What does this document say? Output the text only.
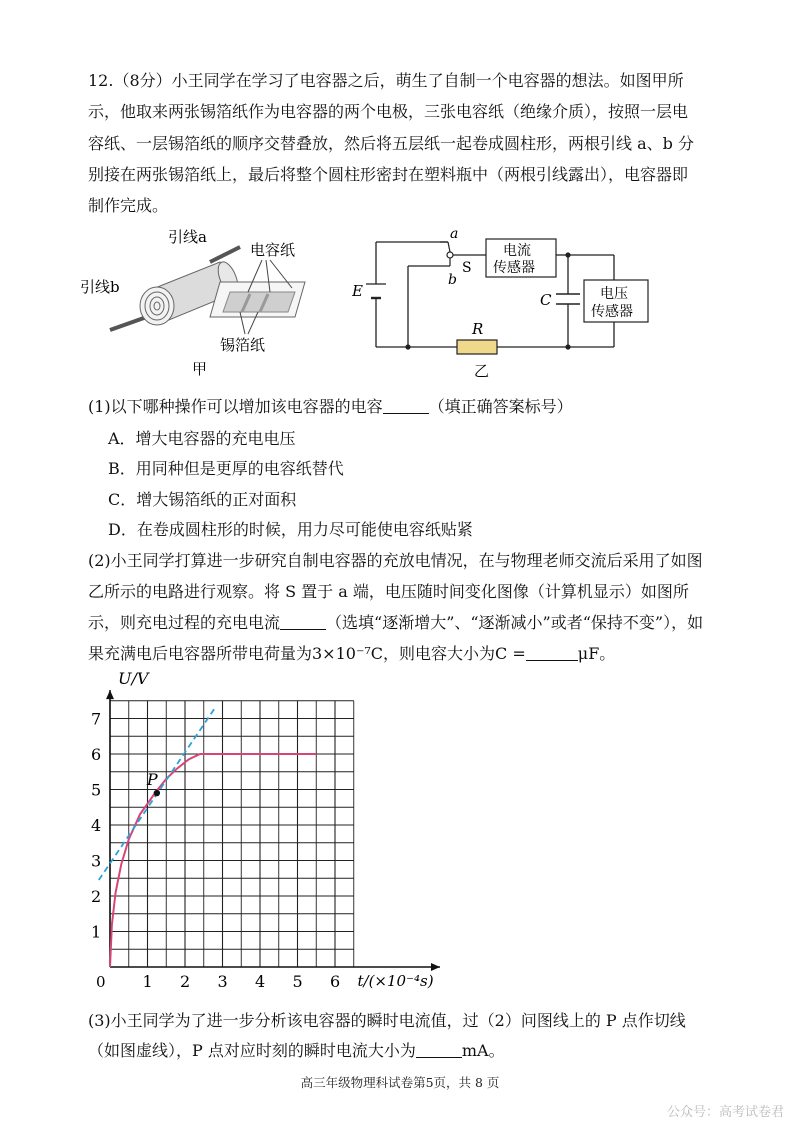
12.（8分）小王同学在学习了电容器之后，萌生了自制一个电容器的想法。如图甲所
示，他取来两张锡箔纸作为电容器的两个电极，三张电容纸（绝缘介质），按照一层电
容纸、一层锡箔纸的顺序交替叠放，然后将五层纸一起卷成圆柱形，两根引线 a、b 分
别接在两张锡箔纸上，最后将整个圆柱形密封在塑料瓶中（两根引线露出），电容器即
制作完成。
引线a
引线b
电容纸
锡箔纸
甲
E
a
b
S
电流
传感器
C	电压
传感器
R
乙
(1)以下哪种操作可以增加该电容器的电容	（填正确答案标号）
A．增大电容器的充电电压
B．用同种但是更厚的电容纸替代
C．增大锡箔纸的正对面积
D．在卷成圆柱形的时候，用力尽可能使电容纸贴紧
(2)小王同学打算进一步研究自制电容器的充放电情况，在与物理老师交流后采用了如图
乙所示的电路进行观察。将 S 置于 a 端，电压随时间变化图像（计算机显示）如图所
示，则充电过程的充电电流	（选填“逐渐增大”、“逐渐减小”或者“保持不变”），如
果充满电后电容器所带电荷量为3×10⁻⁷C，则电容大小为C =	μF。
1 2 3 4 5 6
1
2
3
4
5
6
7
U/V
t/(×10⁻⁴s)
0
P
(3)小王同学为了进一步分析该电容器的瞬时电流值，过（2）问图线上的 P 点作切线
（如图虚线），P 点对应时刻的瞬时电流大小为	mA。
高三年级物理科试卷第5页，共 8 页
公众号：高考试卷君
